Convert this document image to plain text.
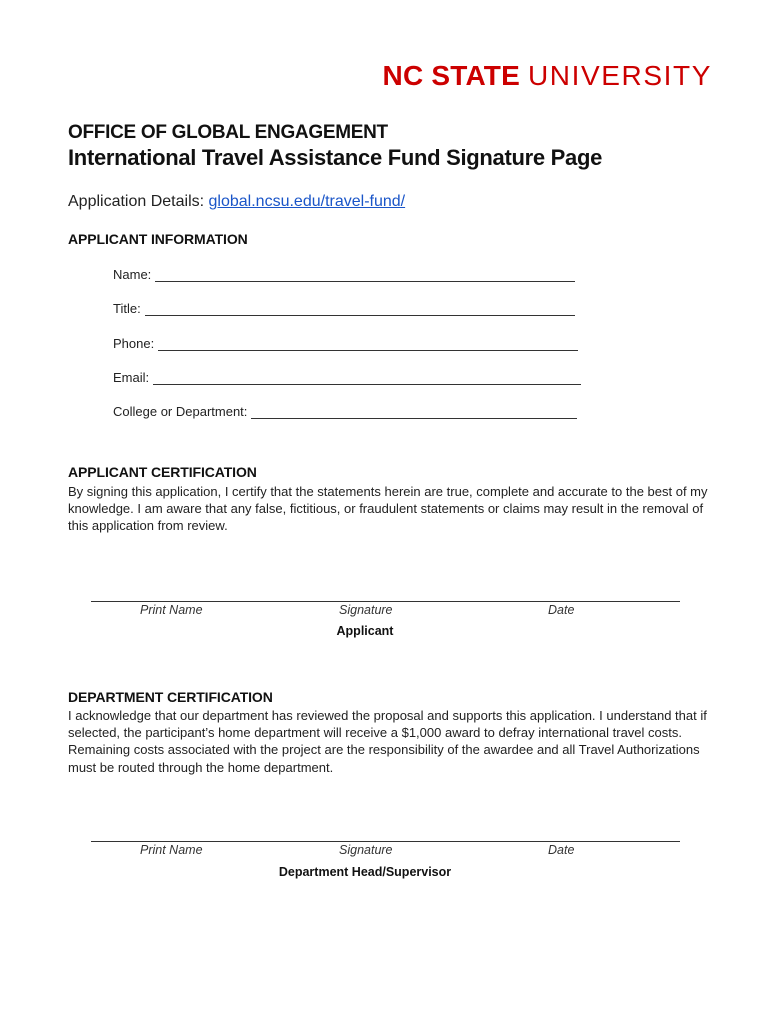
NC STATE UNIVERSITY
OFFICE OF GLOBAL ENGAGEMENT
International Travel Assistance Fund Signature Page
Application Details: global.ncsu.edu/travel-fund/
APPLICANT INFORMATION
Name:
Title:
Phone:
Email:
College or Department:
APPLICANT CERTIFICATION
By signing this application, I certify that the statements herein are true, complete and accurate to the best of my knowledge. I am aware that any false, fictitious, or fraudulent statements or claims may result in the removal of this application from review.
Print Name	Signature	Date
Applicant
DEPARTMENT CERTIFICATION
I acknowledge that our department has reviewed the proposal and supports this application. I understand that if selected, the participant’s home department will receive a $1,000 award to defray international travel costs. Remaining costs associated with the project are the responsibility of the awardee and all Travel Authorizations must be routed through the home department.
Print Name	Signature	Date
Department Head/Supervisor
